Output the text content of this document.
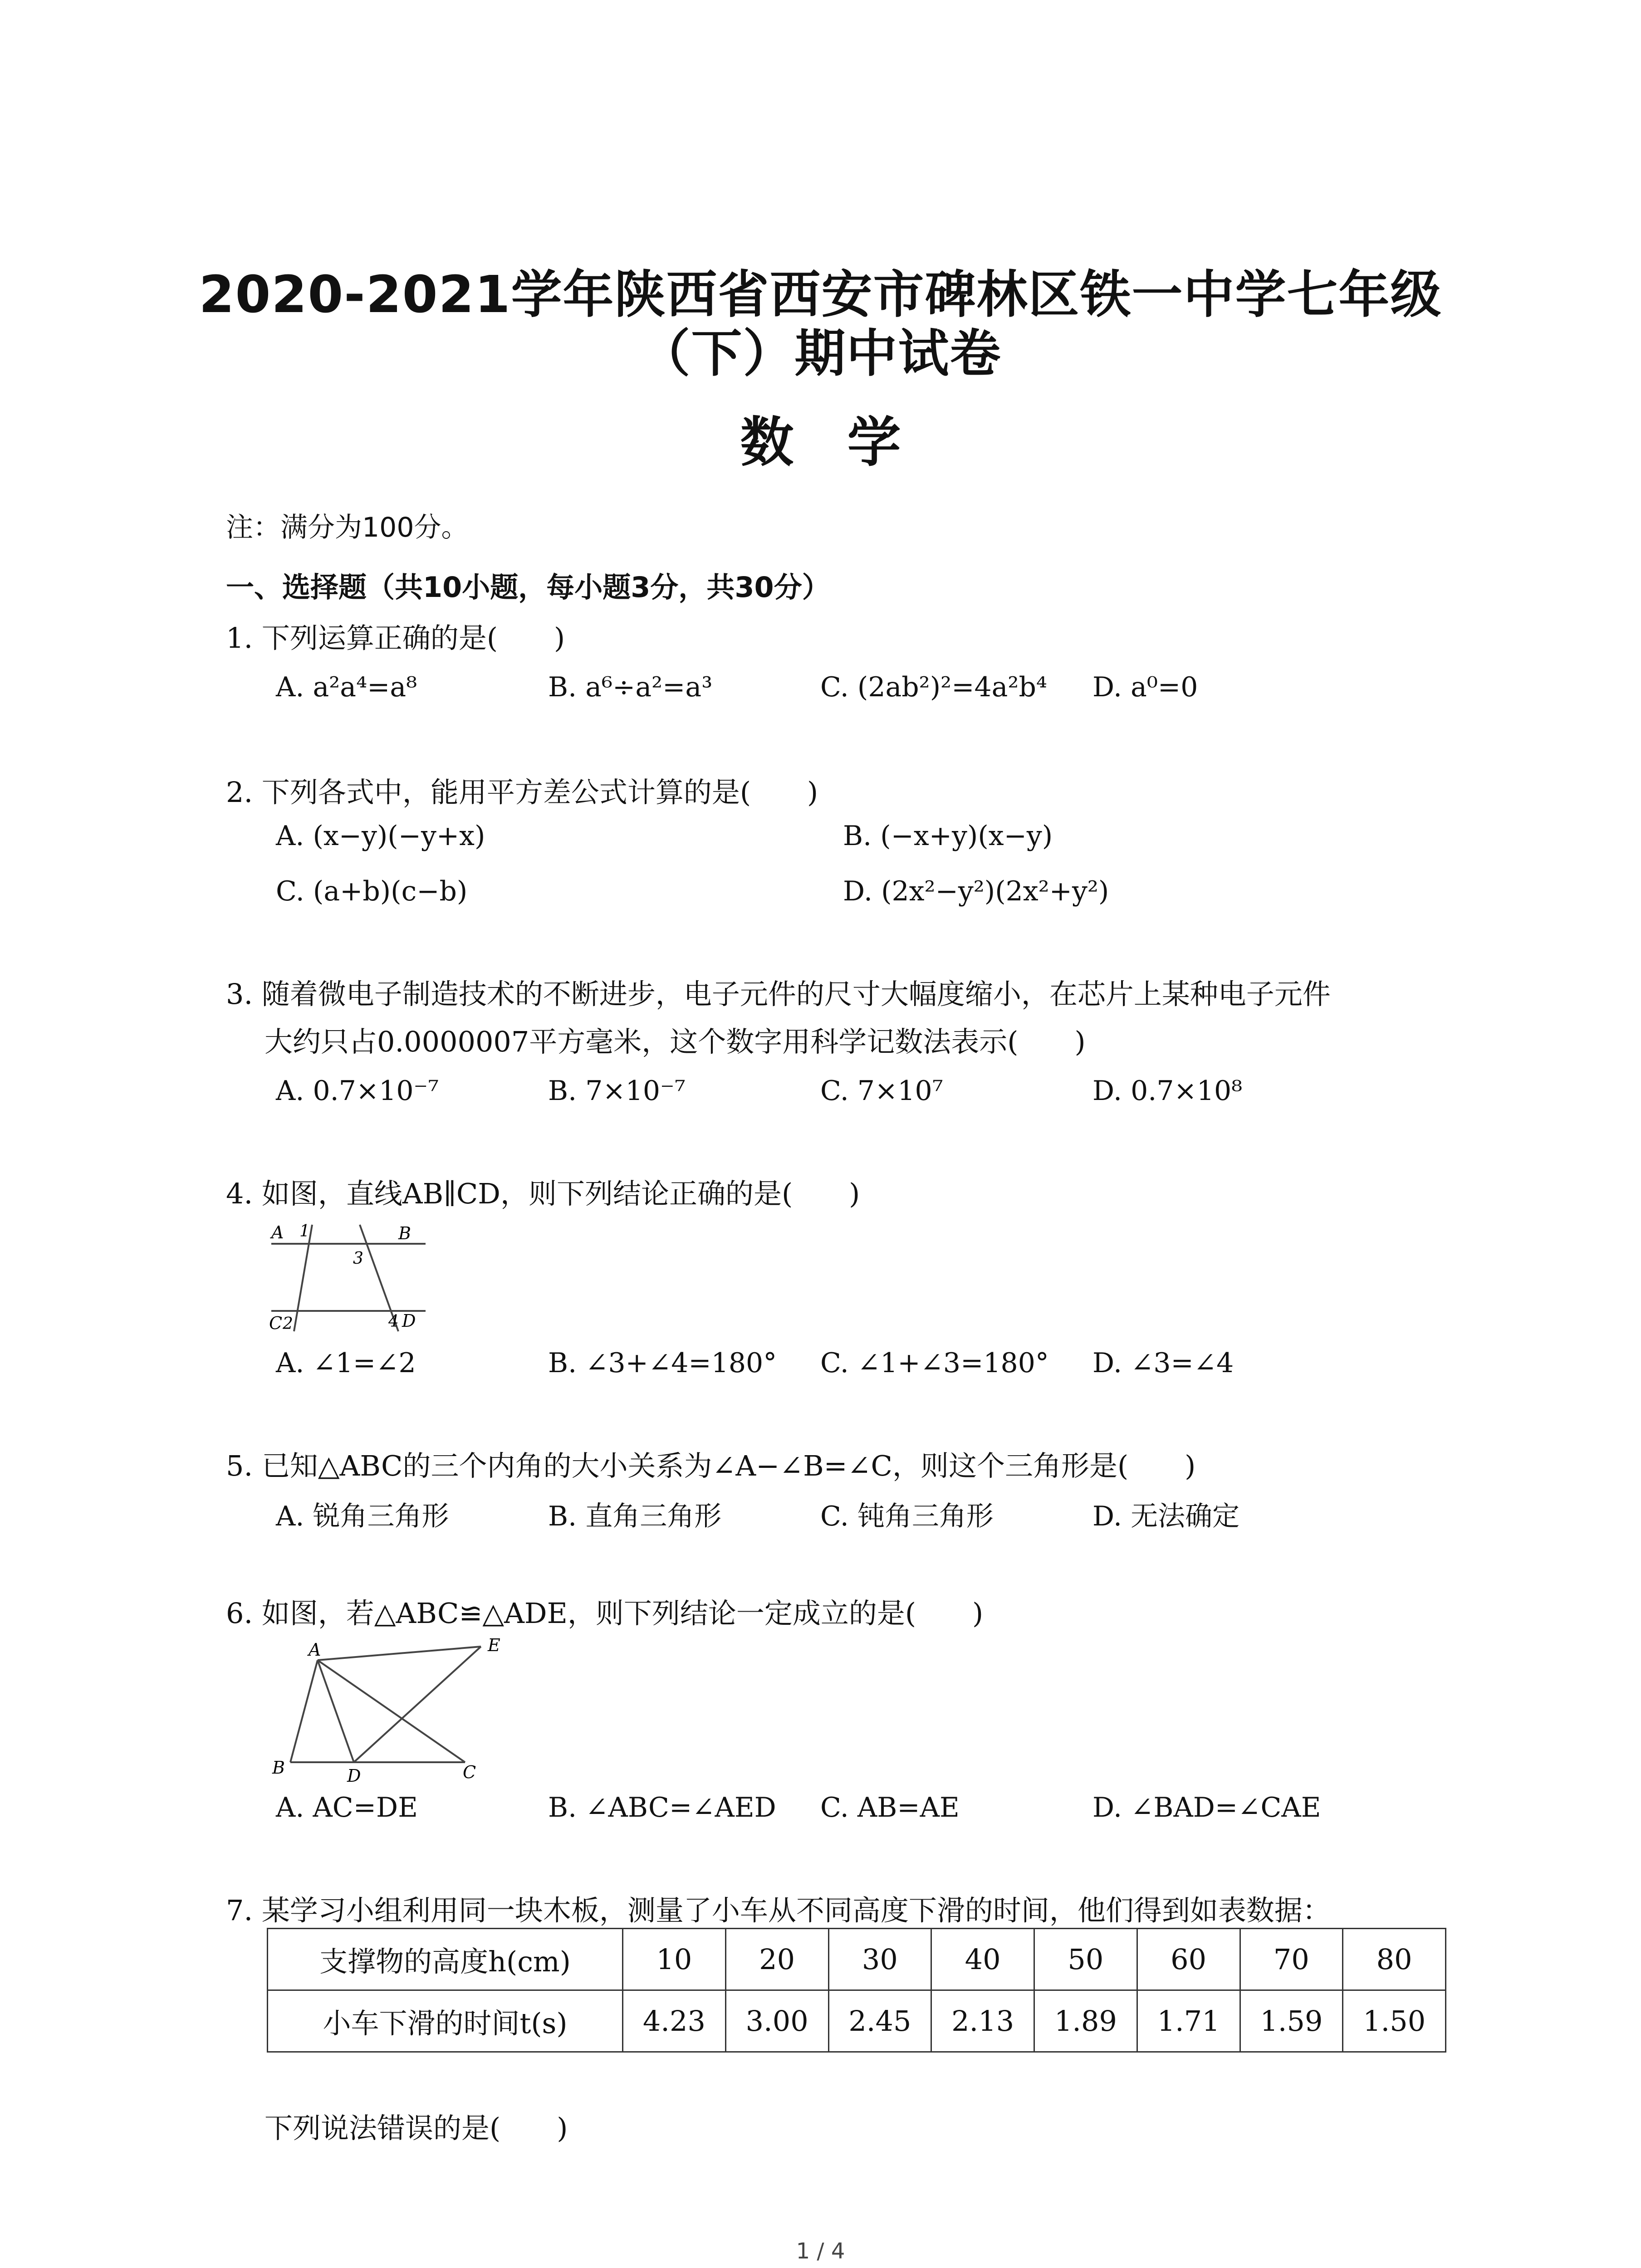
2020-2021学年陕西省西安市碑林区铁一中学七年级
（下）期中试卷
数　学
注：满分为100分。
一、选择题（共10小题，每小题3分，共30分）
1. 下列运算正确的是(　　)
A. a²a⁴=a⁸	B. a⁶÷a²=a³	C. (2ab²)²=4a²b⁴ D. a⁰=0
2. 下列各式中，能用平方差公式计算的是(　　)
A. (x−y)(−y+x)	B. (−x+y)(x−y)
C. (a+b)(c−b)	D. (2x²−y²)(2x²+y²)
3. 随着微电子制造技术的不断进步，电子元件的尺寸大幅度缩小，在芯片上某种电子元件
大约只占0.0000007平方毫米，这个数字用科学记数法表示(　　)
A. 0.7×10⁻⁷	B. 7×10⁻⁷	C. 7×10⁷	D. 0.7×10⁸
4. 如图，直线AB∥CD，则下列结论正确的是(　　)
A 1	B
3
C 2	4 D
A. ∠1=∠2	B. ∠3+∠4=180° C. ∠1+∠3=180° D. ∠3=∠4
5. 已知△ABC的三个内角的大小关系为∠A−∠B=∠C，则这个三角形是(　　)
A. 锐角三角形	B. 直角三角形	C. 钝角三角形	D. 无法确定
6. 如图，若△ABC≌△ADE，则下列结论一定成立的是(　　)
A	E
B	D	C
A. AC=DE	B. ∠ABC=∠AED C. AB=AE	D. ∠BAD=∠CAE
7. 某学习小组利用同一块木板，测量了小车从不同高度下滑的时间，他们得到如表数据：
支撑物的高度h(cm)	10	20	30	40	50	60	70	80
小车下滑的时间t(s)	4.23	3.00	2.45	2.13	1.89	1.71	1.59	1.50
下列说法错误的是(　　)
1 / 4
